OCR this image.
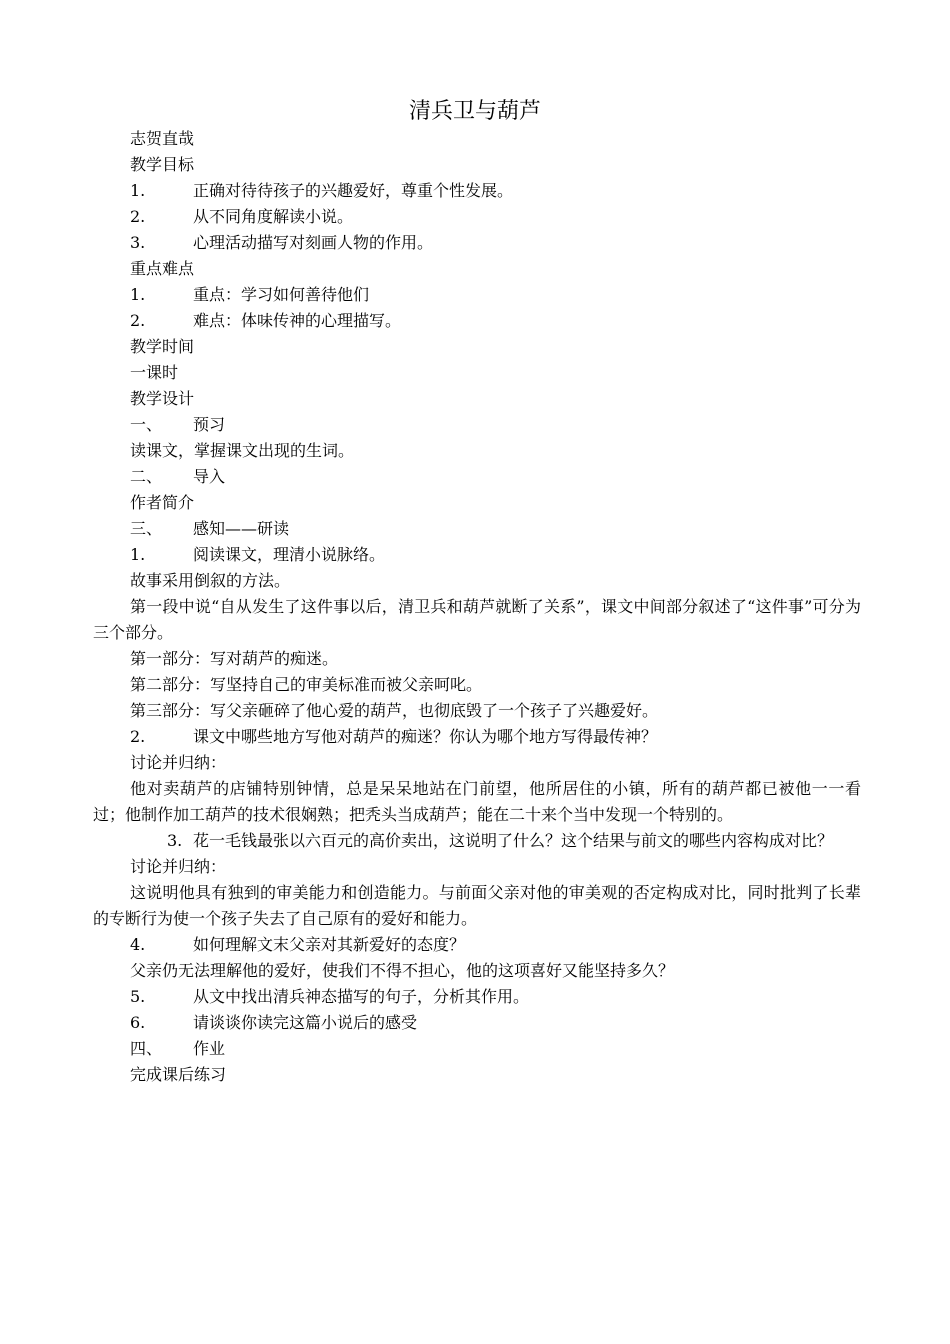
清兵卫与葫芦
志贺直哉
教学目标
1.	正确对待待孩子的兴趣爱好，尊重个性发展。
2.	从不同角度解读小说。
3.	心理活动描写对刻画人物的作用。
重点难点
1.	重点：学习如何善待他们
2.	难点：体味传神的心理描写。
教学时间
一课时
教学设计
一、 预习
读课文，掌握课文出现的生词。
二、 导入
作者简介
三、 感知——研读
1.	阅读课文，理清小说脉络。
故事采用倒叙的方法。
第一段中说“自从发生了这件事以后，清卫兵和葫芦就断了关系”，课文中间部分叙述了“这件事”可分为三个部分。
第一部分：写对葫芦的痴迷。
第二部分：写坚持自己的审美标准而被父亲呵叱。
第三部分：写父亲砸碎了他心爱的葫芦，也彻底毁了一个孩子了兴趣爱好。
2.	课文中哪些地方写他对葫芦的痴迷？你认为哪个地方写得最传神？
讨论并归纳：
他对卖葫芦的店铺特别钟情，总是呆呆地站在门前望，他所居住的小镇，所有的葫芦都已被他一一看过；他制作加工葫芦的技术很娴熟；把秃头当成葫芦；能在二十来个当中发现一个特别的。
3. 花一毛钱最张以六百元的高价卖出，这说明了什么？这个结果与前文的哪些内容构成对比？
讨论并归纳：
这说明他具有独到的审美能力和创造能力。与前面父亲对他的审美观的否定构成对比，同时批判了长辈的专断行为使一个孩子失去了自己原有的爱好和能力。
4.	如何理解文末父亲对其新爱好的态度？
父亲仍无法理解他的爱好，使我们不得不担心，他的这项喜好又能坚持多久？
5.	从文中找出清兵神态描写的句子，分析其作用。
6.	请谈谈你读完这篇小说后的感受
四、 作业
完成课后练习
